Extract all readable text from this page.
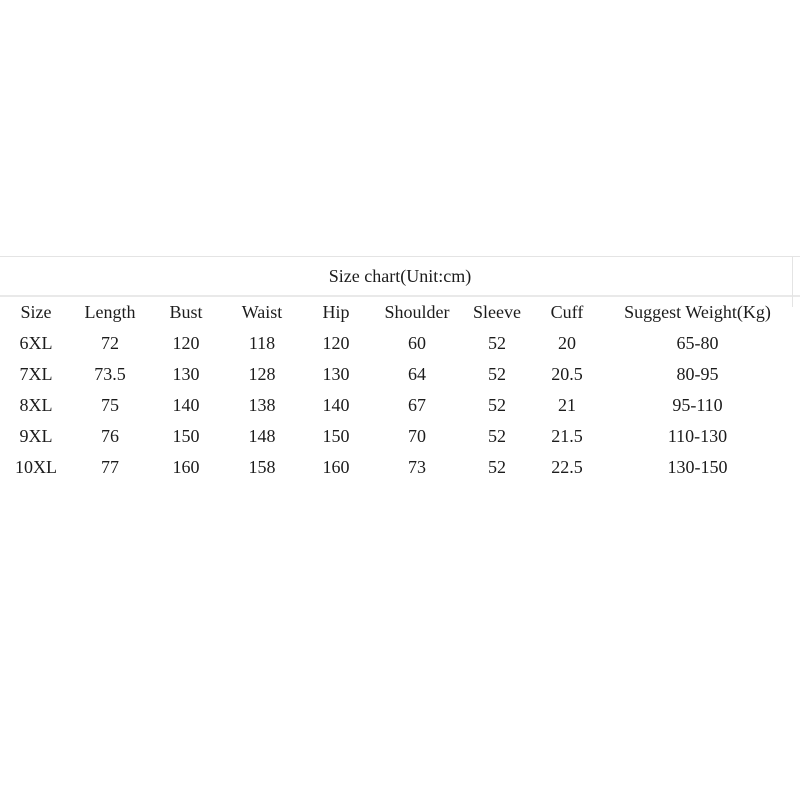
Size chart(Unit:cm)
Size	Length	Bust	Waist	Hip	Shoulder	Sleeve	Cuff	Suggest Weight(Kg)
6XL	72	120	118	120	60	52	20	65-80
7XL	73.5	130	128	130	64	52	20.5	80-95
8XL	75	140	138	140	67	52	21	95-110
9XL	76	150	148	150	70	52	21.5	110-130
10XL	77	160	158	160	73	52	22.5	130-150
